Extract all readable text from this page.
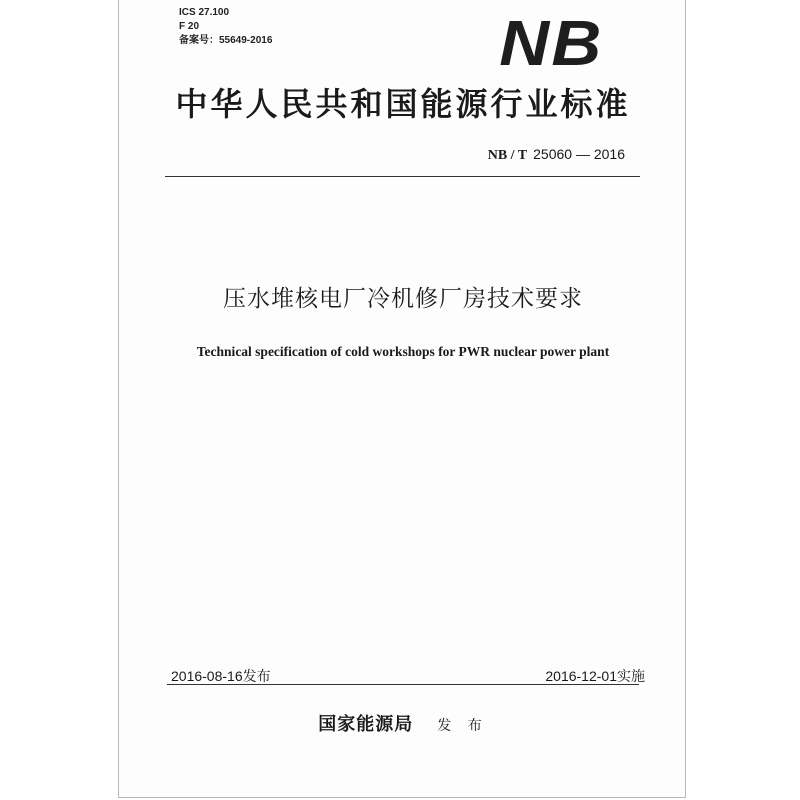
ICS 27.100
F 20
备案号：55649-2016	NB
中华人民共和国能源行业标准
NB / T 25060 — 2016
压水堆核电厂冷机修厂房技术要求
Technical specification of cold workshops for PWR nuclear power plant
2016-08-16发布	2016-12-01实施
国家能源局 发 布
